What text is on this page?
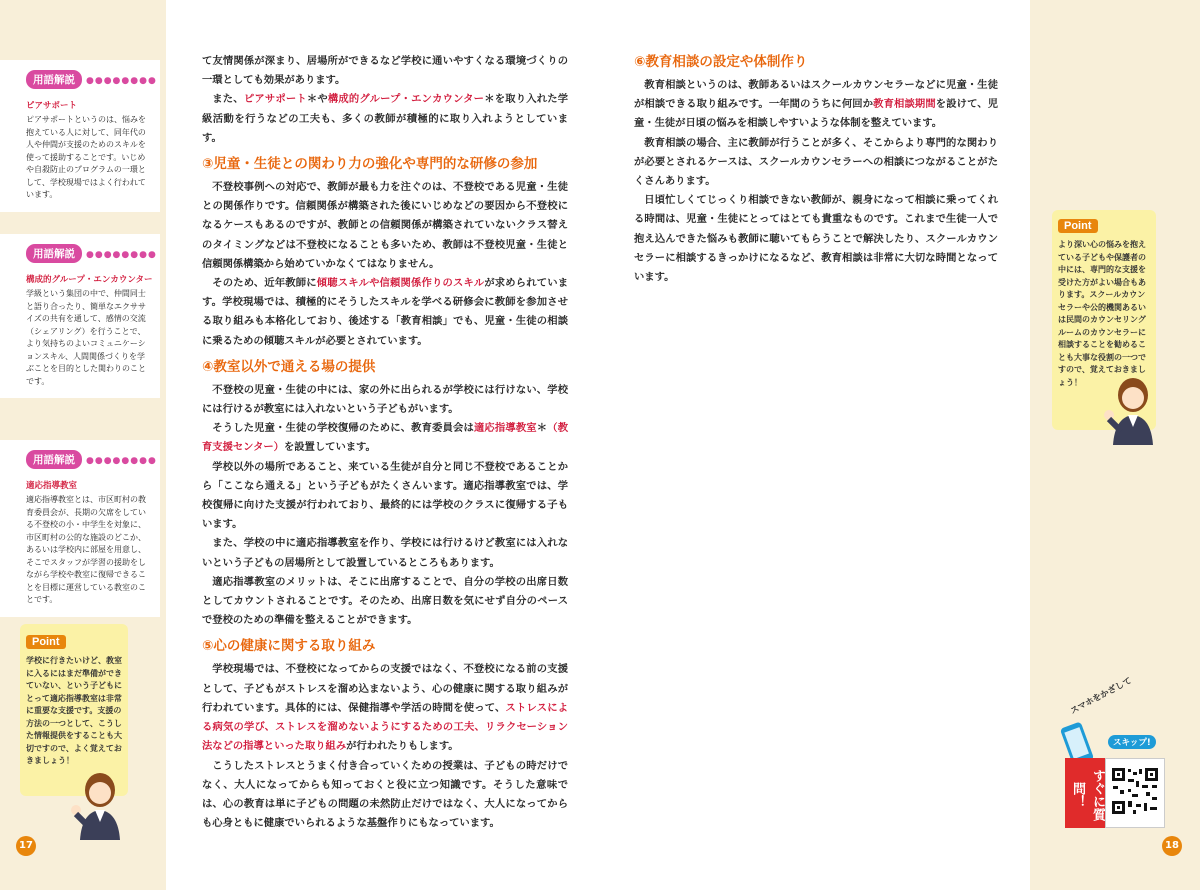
用語解説 ●●●●●●●●
ピアサポート
ピアサポートというのは、悩みを抱えている人に対して、同年代の人や仲間が支援のためのスキルを使って援助することです。いじめや自殺防止のプログラムの一環として、学校現場ではよく行われています。
用語解説 ●●●●●●●●
構成的グループ・エンカウンター
学級という集団の中で、仲間同士と語り合ったり、簡単なエクササイズの共有を通して、感情の交流（シェアリング）を行うことで、より気持ちのよいコミュニケーションスキル、人間関係づくりを学ぶことを目的とした関わりのことです。
用語解説 ●●●●●●●●
適応指導教室
適応指導教室とは、市区町村の教育委員会が、長期の欠席をしている不登校の小・中学生を対象に、市区町村の公的な施設のどこか、あるいは学校内に部屋を用意し、そこでスタッフが学習の援助をしながら学校や教室に復帰できることを目標に運営している教室のことです。
Point
学校に行きたいけど、教室に入るにはまだ準備ができていない、という子どもにとって適応指導教室は非常に重要な支援です。支援の方法の一つとして、こうした情報提供をすることも大切ですので、よく覚えておきましょう！
17

て友情関係が深まり、居場所ができるなど学校に通いやすくなる環境づくりの一環としても効果があります。

また、ピアサポート＊や構成的グループ・エンカウンター＊を取り入れた学級活動を行うなどの工夫も、多くの教師が積極的に取り入れようとしています。

③児童・生徒との関わり力の強化や専門的な研修の参加

不登校事例への対応で、教師が最も力を注ぐのは、不登校である児童・生徒との関係作りです。信頼関係が構築された後にいじめなどの要因から不登校になるケースもあるのですが、教師との信頼関係が構築されていないクラス替えのタイミングなどは不登校になることも多いため、教師は不登校児童・生徒と信頼関係構築から始めていかなくてはなりません。

そのため、近年教師に傾聴スキルや信頼関係作りのスキルが求められています。学校現場では、積極的にそうしたスキルを学べる研修会に教師を参加させる取り組みも本格化しており、後述する「教育相談」でも、児童・生徒の相談に乗るための傾聴スキルが必要とされています。

④教室以外で通える場の提供

不登校の児童・生徒の中には、家の外に出られるが学校には行けない、学校には行けるが教室には入れないという子どもがいます。

そうした児童・生徒の学校復帰のために、教育委員会は適応指導教室＊（教育支援センター）を設置しています。

学校以外の場所であること、来ている生徒が自分と同じ不登校であることから「ここなら通える」という子どもがたくさんいます。適応指導教室では、学校復帰に向けた支援が行われており、最終的には学校のクラスに復帰する子もいます。

また、学校の中に適応指導教室を作り、学校には行けるけど教室には入れないという子どもの居場所として設置しているところもあります。

適応指導教室のメリットは、そこに出席することで、自分の学校の出席日数としてカウントされることです。そのため、出席日数を気にせず自分のペースで登校のための準備を整えることができます。

⑤心の健康に関する取り組み

学校現場では、不登校になってからの支援ではなく、不登校になる前の支援として、子どもがストレスを溜め込まないよう、心の健康に関する取り組みが行われています。具体的には、保健指導や学活の時間を使って、ストレスによる病気の学び、ストレスを溜めないようにするための工夫、リラクセーション法などの指導といった取り組みが行われたりもします。

こうしたストレスとうまく付き合っていくための授業は、子どもの時だけでなく、大人になってからも知っておくと役に立つ知識です。そうした意味では、心の教育は単に子どもの問題の未然防止だけではなく、大人になってからも心身ともに健康でいられるような基盤作りにもなっています。

⑥教育相談の設定や体制作り

教育相談というのは、教師あるいはスクールカウンセラーなどに児童・生徒が相談できる取り組みです。一年間のうちに何回か教育相談期間を設けて、児童・生徒が日頃の悩みを相談しやすいような体制を整えています。

教育相談の場合、主に教師が行うことが多く、そこからより専門的な関わりが必要とされるケースは、スクールカウンセラーへの相談につながることがたくさんあります。

日頃忙しくてじっくり相談できない教師が、親身になって相談に乗ってくれる時間は、児童・生徒にとってはとても貴重なものです。これまで生徒一人で抱え込んできた悩みも教師に聴いてもらうことで解決したり、スクールカウンセラーに相談するきっかけになるなど、教育相談は非常に大切な時間となっています。

Point
より深い心の悩みを抱えている子どもや保護者の中には、専門的な支援を受けた方がよい場合もあります。スクールカウンセラーや公的機関あるいは民間のカウンセリングルームのカウンセラーに相談することを勧めることも大事な役割の一つですので、覚えておきましょう！
スマホをかざして
スキップ!
すぐに質問！
18
